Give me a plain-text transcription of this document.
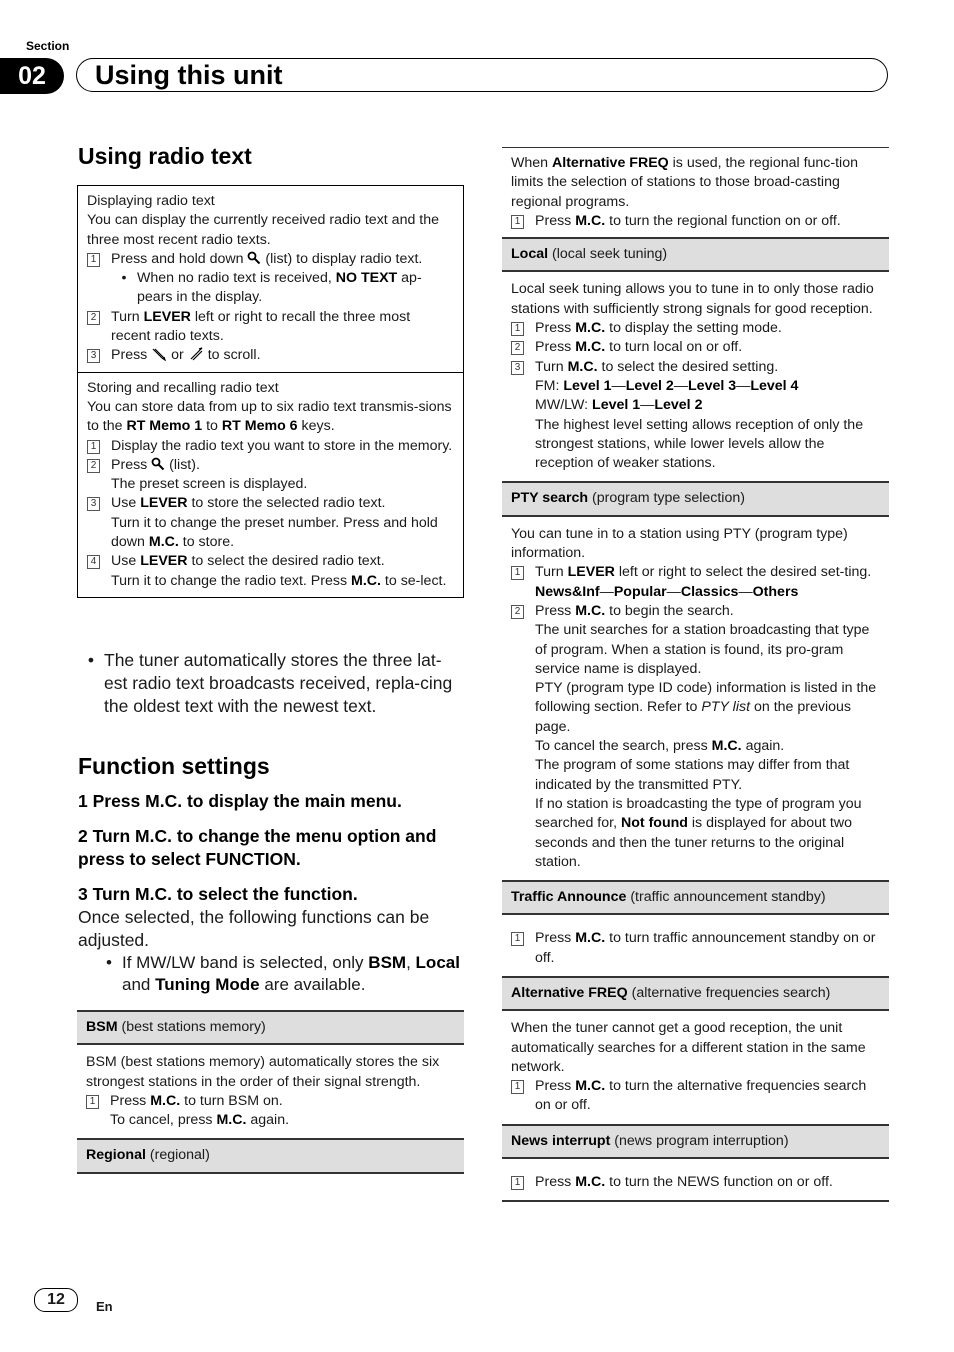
Section
02	Using this unit
Using radio text
Displaying radio text
You can display the currently received radio text and the three most recent radio texts.
1 Press and hold down (list) to display radio text.
• When no radio text is received, NO TEXT ap-pears in the display.
2 Turn LEVER left or right to recall the three most recent radio texts.
3 Press or to scroll.
Storing and recalling radio text
You can store data from up to six radio text transmis-sions to the RT Memo 1 to RT Memo 6 keys.
1 Display the radio text you want to store in the memory.
2 Press (list).
The preset screen is displayed.
3 Use LEVER to store the selected radio text.
Turn it to change the preset number. Press and hold down M.C. to store.
4 Use LEVER to select the desired radio text.
Turn it to change the radio text. Press M.C. to se-lect.
• The tuner automatically stores the three lat-est radio text broadcasts received, repla-cing the oldest text with the newest text.
Function settings
1 Press M.C. to display the main menu.
2 Turn M.C. to change the menu option and press to select FUNCTION.
3 Turn M.C. to select the function.
Once selected, the following functions can be adjusted.
• If MW/LW band is selected, only BSM, Local and Tuning Mode are available.
BSM (best stations memory)
BSM (best stations memory) automatically stores the six strongest stations in the order of their signal strength.
1 Press M.C. to turn BSM on.
To cancel, press M.C. again.
Regional (regional)
When Alternative FREQ is used, the regional func-tion limits the selection of stations to those broad-casting regional programs.
1 Press M.C. to turn the regional function on or off.
Local (local seek tuning)
Local seek tuning allows you to tune in to only those radio stations with sufficiently strong signals for good reception.
1 Press M.C. to display the setting mode.
2 Press M.C. to turn local on or off.
3 Turn M.C. to select the desired setting.
FM: Level 1—Level 2—Level 3—Level 4
MW/LW: Level 1—Level 2
The highest level setting allows reception of only the strongest stations, while lower levels allow the reception of weaker stations.
PTY search (program type selection)
You can tune in to a station using PTY (program type) information.
1 Turn LEVER left or right to select the desired set-ting.
News&Inf—Popular—Classics—Others
2 Press M.C. to begin the search.
The unit searches for a station broadcasting that type of program. When a station is found, its pro-gram service name is displayed.
PTY (program type ID code) information is listed in the following section. Refer to PTY list on the previous page.
To cancel the search, press M.C. again.
The program of some stations may differ from that indicated by the transmitted PTY.
If no station is broadcasting the type of program you searched for, Not found is displayed for about two seconds and then the tuner returns to the original station.
Traffic Announce (traffic announcement standby)
1 Press M.C. to turn traffic announcement standby on or off.
Alternative FREQ (alternative frequencies search)
When the tuner cannot get a good reception, the unit automatically searches for a different station in the same network.
1 Press M.C. to turn the alternative frequencies search on or off.
News interrupt (news program interruption)
1 Press M.C. to turn the NEWS function on or off.
12	En
